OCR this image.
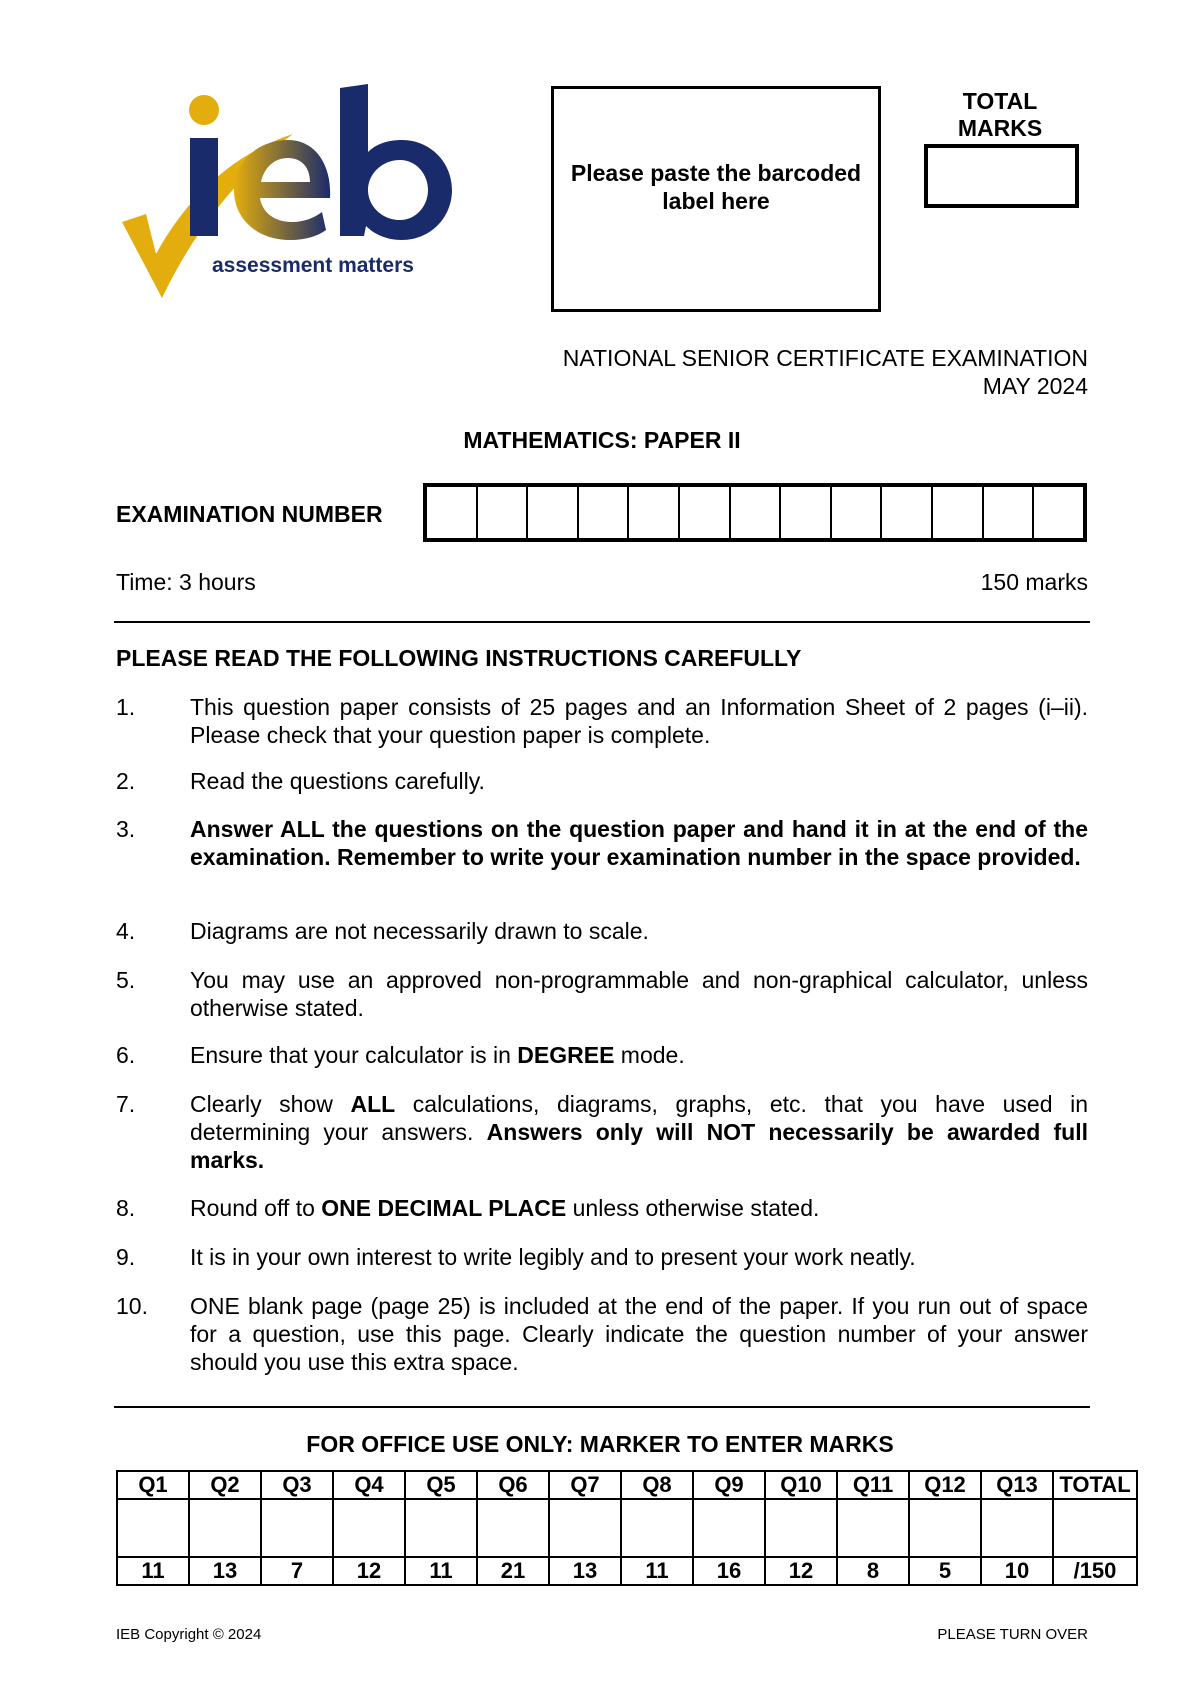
assessment matters
Please paste the barcoded label here
TOTAL MARKS
NATIONAL SENIOR CERTIFICATE EXAMINATION
MAY 2024
MATHEMATICS: PAPER II
EXAMINATION NUMBER
Time: 3 hours	150 marks
PLEASE READ THE FOLLOWING INSTRUCTIONS CAREFULLY
1.	This question paper consists of 25 pages and an Information Sheet of 2 pages (i–ii). Please check that your question paper is complete.
2.	Read the questions carefully.
3.	Answer ALL the questions on the question paper and hand it in at the end of the examination. Remember to write your examination number in the space provided.
4.	Diagrams are not necessarily drawn to scale.
5.	You may use an approved non-programmable and non-graphical calculator, unless otherwise stated.
6.	Ensure that your calculator is in DEGREE mode.
7.	Clearly show ALL calculations, diagrams, graphs, etc. that you have used in determining your answers. Answers only will NOT necessarily be awarded full marks.
8.	Round off to ONE DECIMAL PLACE unless otherwise stated.
9.	It is in your own interest to write legibly and to present your work neatly.
10.	ONE blank page (page 25) is included at the end of the paper. If you run out of space for a question, use this page. Clearly indicate the question number of your answer should you use this extra space.
FOR OFFICE USE ONLY: MARKER TO ENTER MARKS
Q1	Q2	Q3	Q4	Q5	Q6	Q7	Q8	Q9	Q10	Q11	Q12	Q13	TOTAL

11	13	7	12	11	21	13	11	16	12	8	5	10	/150
IEB Copyright © 2024	PLEASE TURN OVER
